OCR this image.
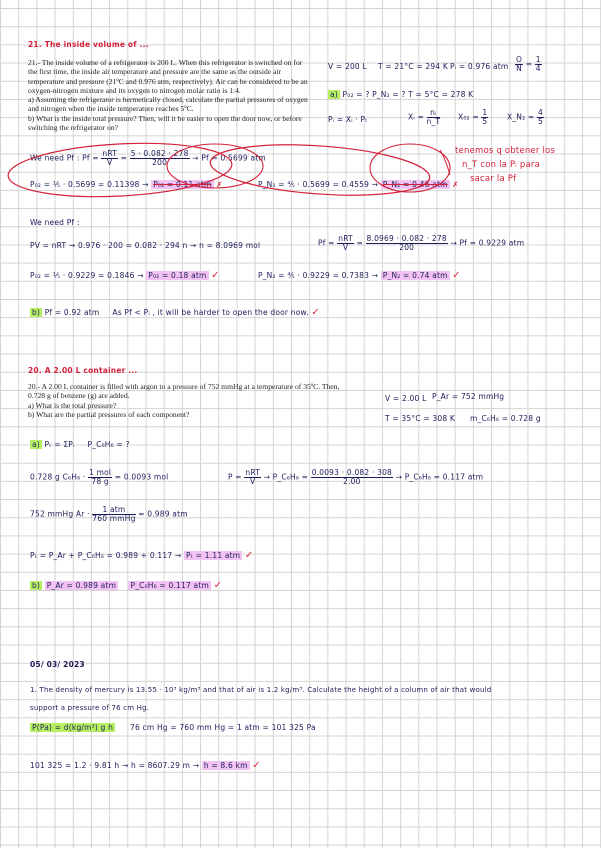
21. The inside volume of ...
21.- The inside volume of a refrigerator is 200 L. When this refrigerator is switched on for the first time, the inside air temperature and pressure are the same as the outside air temperature and pressure (21ºC and 0.976 atm, respectively). Air can be considered to be an oxygen-nitrogen mixture and its oxygen to nitrogen molar ratio is 1:4.
a) Assuming the refrigerator is hermetically closed, calculate the partial pressures of oxygen and nitrogen when the inside temperature reaches 5ºC.
b) What is the inside total pressure? Then, will it be easier to open the door now, or before switching the refrigerator on?
V = 200 L T = 21°C = 294 K Pᵢ = 0.976 atm $\frac{O}{N} = \frac{1}{4}$
a) P₀₂ = ? P_N₂ = ? T = 5°C = 278 K
Pᵢ = Xᵢ · Pₜ	Xᵢ = $\frac{\text{nᵢ}}{n\_T} X_{02} = \frac{1}{5}$ X_N₂ = $\frac{4}{5}$
We need Pf : $Pf = \frac{\text{nRT}}{V} = \frac{5 \cdot 0.082 \cdot 278}{200} \to Pf = 0.5699$ atm
P₀₂ = ⅕ · 0.5699 = 0.11398 → P₀₂ = 0.11 atm ✗	P_N₂ = ⅘ · 0.5699 = 0.4559 → P_N₂ = 0.46 atm ✗
tenemos q obtener los
n_T con la Pᵢ para
sacar la Pf
We need Pf :
PV = nRT → 0.976 · 200 = 0.082 · 294 n → n = 8.0969 mol	$Pf = \frac{\text{nRT}}{V} = \frac{8.0969 \cdot 0.082 \cdot 278}{200} \to Pf = 0.9229$ atm
P₀₂ = ⅕ · 0.9229 = 0.1846 → P₀₂ = 0.18 atm ✓	P_N₂ = ⅘ · 0.9229 = 0.7383 → P_N₂ = 0.74 atm ✓
b) Pf = 0.92 atm As Pf < Pᵢ , it will be harder to open the door now. ✓
20. A 2.00 L container ...
20.- A 2.00 L container is filled with argon to a pressure of 752 mmHg at a temperature of 35ºC. Then, 0.728 g of benzene (g) are added.
a) What is the total pressure?
b) What are the partial pressures of each component?
V = 2.00 L P_Ar = 752 mmHg
T = 35°C = 308 K m_C₆H₆ = 0.728 g
a) Pₜ = ΣPᵢ P_C₆H₆ = ?
0.728 g $C_6H_6 \cdot \frac{\text{1 mol}}{78 g} = 0.0093$ mol	$P = \frac{\text{nRT}}{V}$ → P_C₆H₆ = $\frac{0.0093 \cdot 0.082 \cdot 308}{2.00}$ → P_C₆H₆ = 0.117 atm
752 mmHg $Ar \cdot \frac{\text{1 atm}}{\text{760 mmHg}} = 0.989$ atm
Pₜ = P_Ar + P_C₆H₆ = 0.989 + 0.117 → Pₜ = 1.11 atm ✓
b) P_Ar = 0.989 atm P_C₆H₆ = 0.117 atm ✓
05/ 03/ 2023
1. The density of mercury is 13.55 · 10³ kg/m³ and that of air is 1.2 kg/m³. Calculate the height of a column of air that would
support a pressure of 76 cm Hg.
P(Pa) = d(kg/m³) g h 76 cm Hg = 760 mm Hg = 1 atm = 101 325 Pa
101 325 = 1.2 · 9.81 h → h = 8607.29 m → h = 8.6 km ✓
